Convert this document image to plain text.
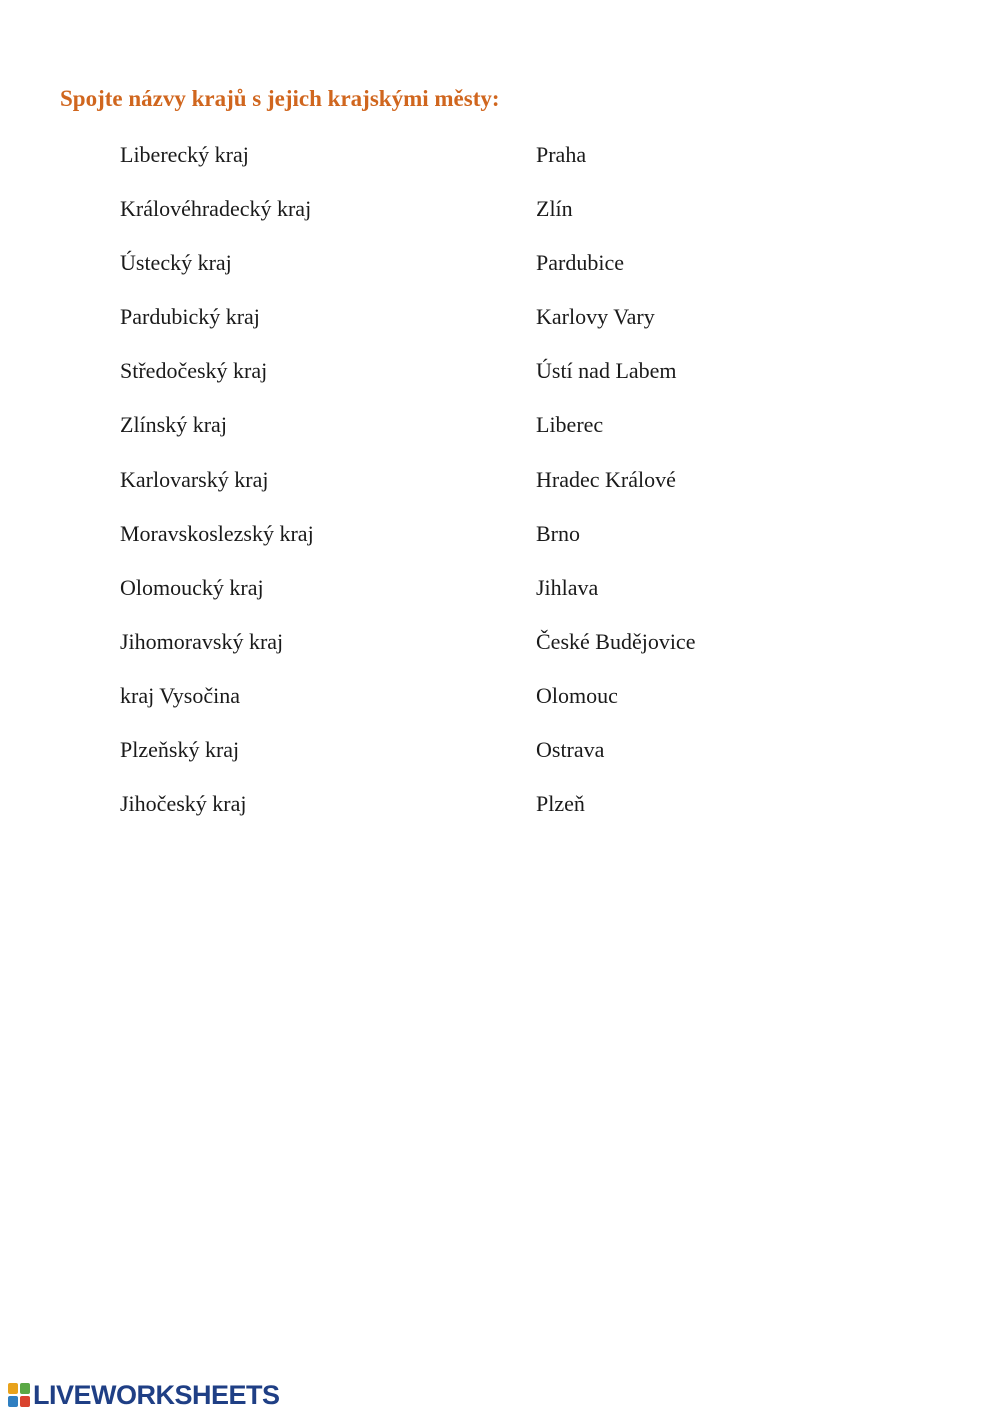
Spojte názvy krajů s jejich krajskými městy:
Liberecký kraj	Praha
Královéhradecký kraj	Zlín
Ústecký kraj	Pardubice
Pardubický kraj	Karlovy Vary
Středočeský kraj	Ústí nad Labem
Zlínský kraj	Liberec
Karlovarský kraj	Hradec Králové
Moravskoslezský kraj	Brno
Olomoucký kraj	Jihlava
Jihomoravský kraj	České Budějovice
kraj Vysočina	Olomouc
Plzeňský kraj	Ostrava
Jihočeský kraj	Plzeň
LIVEWORKSHEETS
